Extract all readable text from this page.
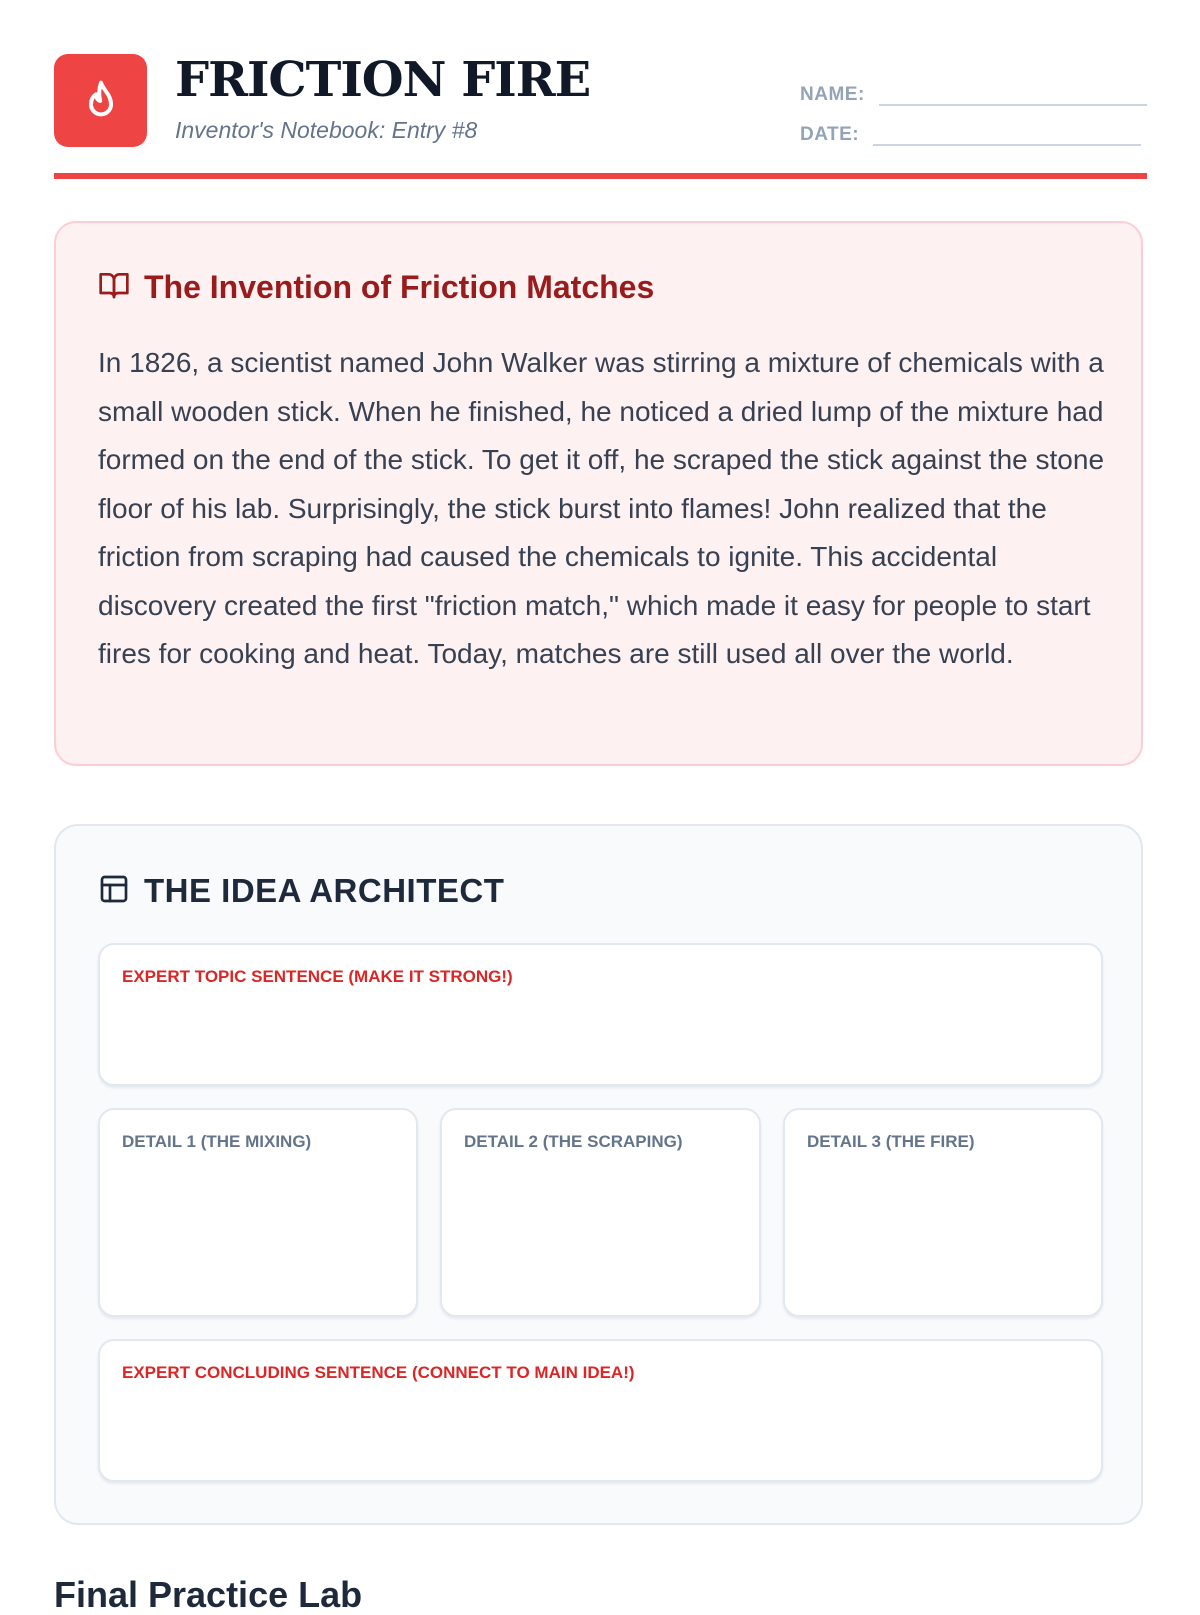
FRICTION FIRE
Inventor's Notebook: Entry #8
NAME:
DATE:
The Invention of Friction Matches

In 1826, a scientist named John Walker was stirring a mixture of chemicals with a small wooden stick. When he finished, he noticed a dried lump of the mixture had formed on the end of the stick. To get it off, he scraped the stick against the stone floor of his lab. Surprisingly, the stick burst into flames! John realized that the friction from scraping had caused the chemicals to ignite. This accidental discovery created the first "friction match," which made it easy for people to start fires for cooking and heat. Today, matches are still used all over the world.

THE IDEA ARCHITECT
EXPERT TOPIC SENTENCE (MAKE IT STRONG!)
DETAIL 1 (THE MIXING)	DETAIL 2 (THE SCRAPING)	DETAIL 3 (THE FIRE)
EXPERT CONCLUDING SENTENCE (CONNECT TO MAIN IDEA!)
Final Practice Lab
